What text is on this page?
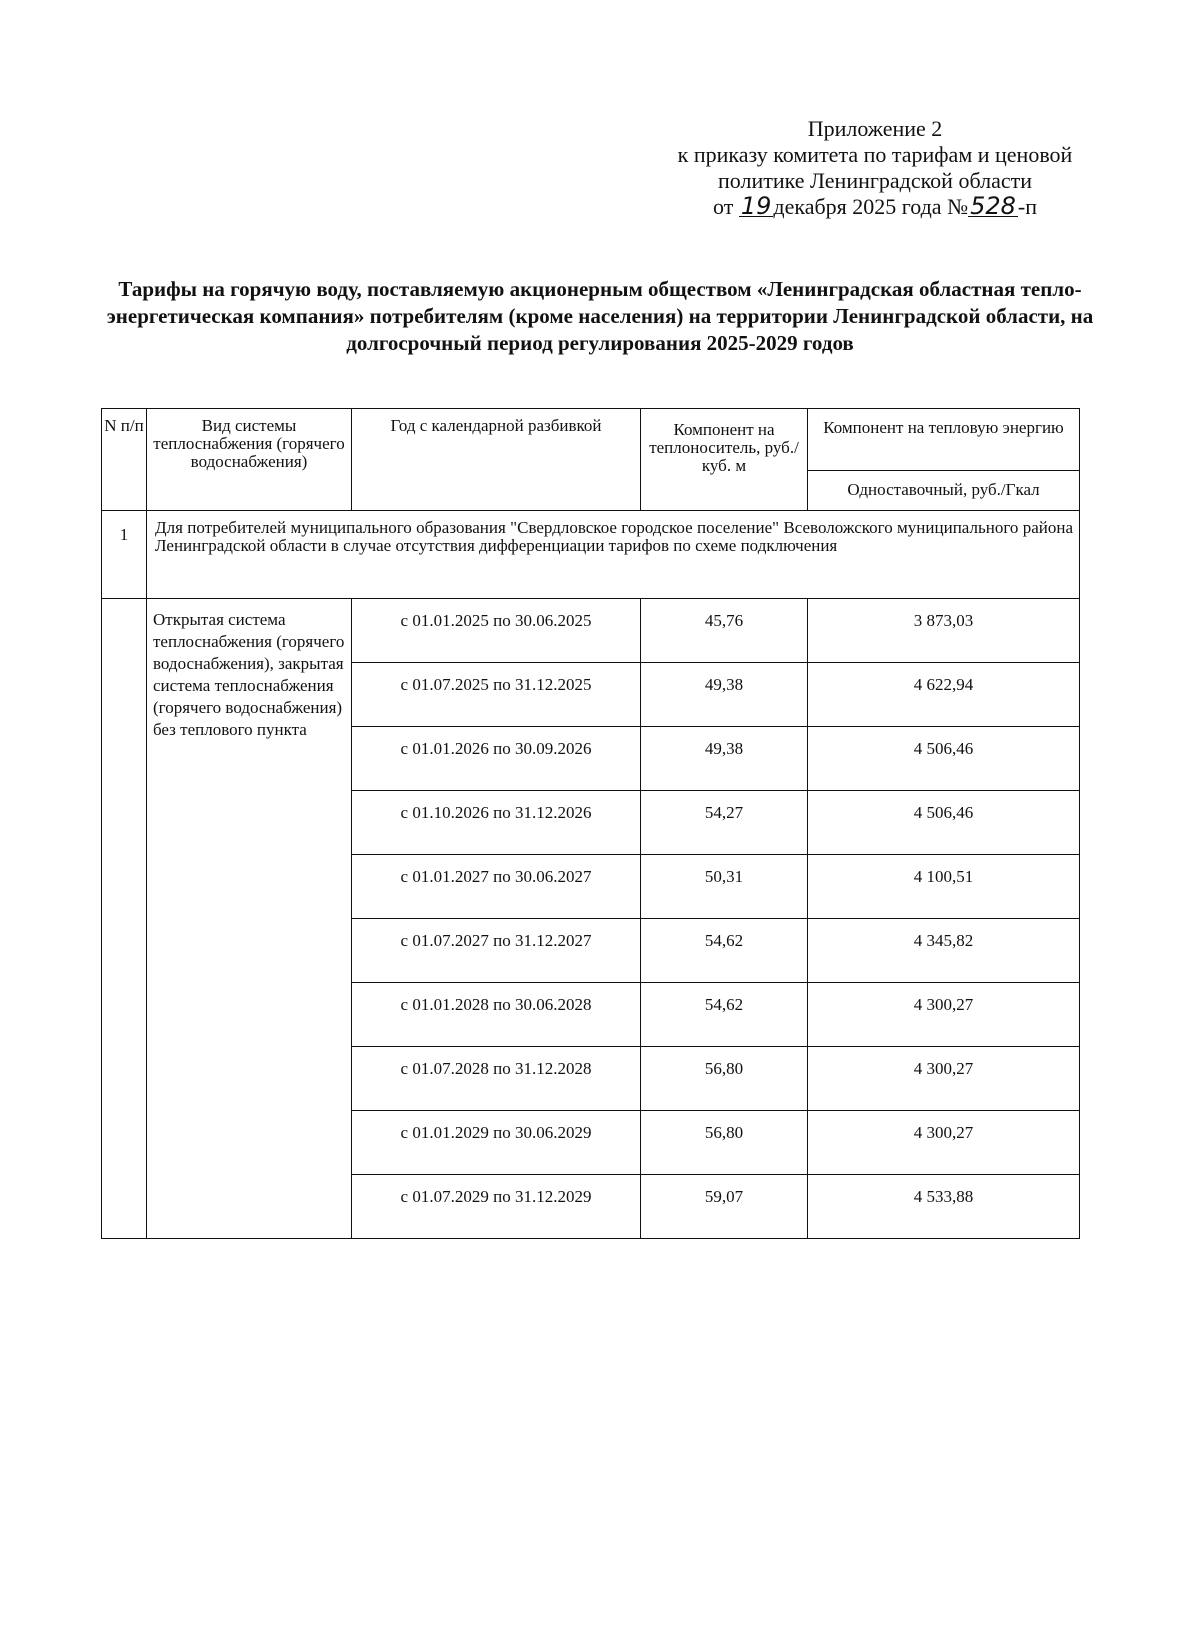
Приложение 2
к приказу комитета по тарифам и ценовой
политике Ленинградской области
от 19декабря 2025 года №528-п
Тарифы на горячую воду, поставляемую акционерным обществом «Ленинградская областная тепло-энергетическая компания» потребителям (кроме населения) на территории Ленинградской области, на долгосрочный период регулирования 2025-2029 годов
N п/п	Вид системы теплоснабжения (горячего водоснабжения)	Год с календарной разбивкой	Компонент на теплоноситель, руб./куб. м	Компонент на тепловую энергию
				Одноставочный, руб./Гкал
1	Для потребителей муниципального образования "Свердловское городское поселение" Всеволожского муниципального района Ленинградской области в случае отсутствия дифференциации тарифов по схеме подключения			
	Открытая система теплоснабжения (горячего водоснабжения), закрытая система теплоснабжения (горячего водоснабжения) без теплового пункта	с 01.01.2025 по 30.06.2025	45,76	3 873,03
		с 01.07.2025 по 31.12.2025	49,38	4 622,94
		с 01.01.2026 по 30.09.2026	49,38	4 506,46
		с 01.10.2026 по 31.12.2026	54,27	4 506,46
		с 01.01.2027 по 30.06.2027	50,31	4 100,51
		с 01.07.2027 по 31.12.2027	54,62	4 345,82
		с 01.01.2028 по 30.06.2028	54,62	4 300,27
		с 01.07.2028 по 31.12.2028	56,80	4 300,27
		с 01.01.2029 по 30.06.2029	56,80	4 300,27
		с 01.07.2029 по 31.12.2029	59,07	4 533,88
